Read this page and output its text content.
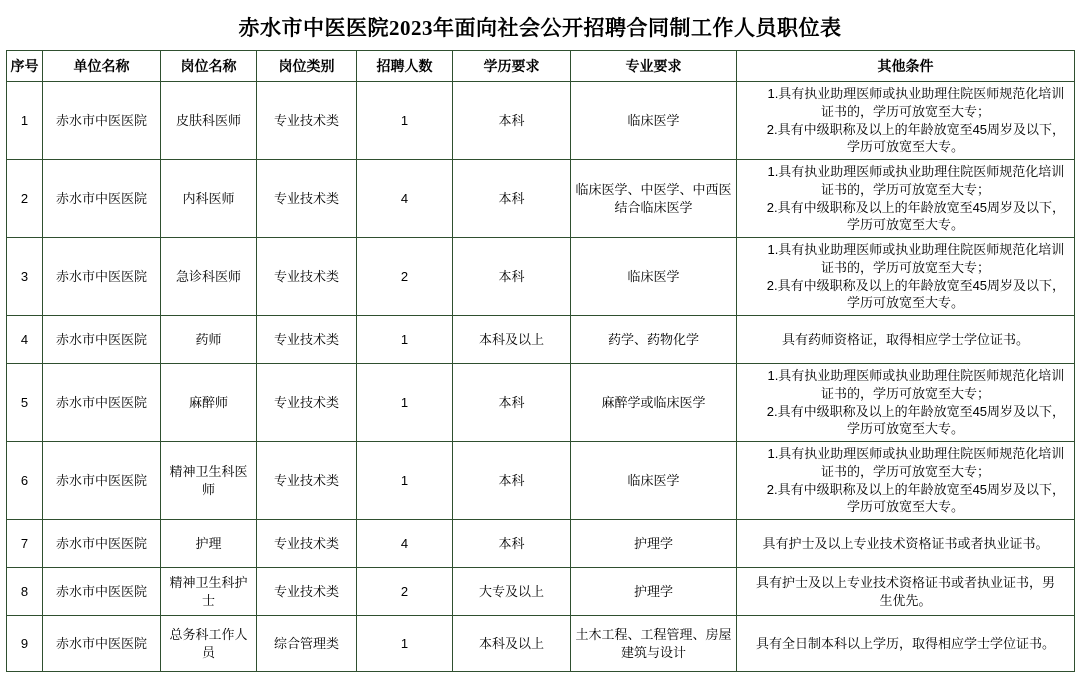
赤水市中医医院2023年面向社会公开招聘合同制工作人员职位表
序号	单位名称	岗位名称	岗位类别	招聘人数	学历要求	专业要求	其他条件
1	赤水市中医医院	皮肤科医师	专业技术类	1	本科	临床医学	1.具有执业助理医师或执业助理住院医师规范化培训
证书的，学历可放宽至大专；
2.具有中级职称及以上的年龄放宽至45周岁及以下，
学历可放宽至大专。

2	赤水市中医医院	内科医师	专业技术类	4	本科	临床医学、中医学、中西医结合临床医学	1.具有执业助理医师或执业助理住院医师规范化培训
证书的，学历可放宽至大专；
2.具有中级职称及以上的年龄放宽至45周岁及以下，
学历可放宽至大专。

3	赤水市中医医院	急诊科医师	专业技术类	2	本科	临床医学	1.具有执业助理医师或执业助理住院医师规范化培训
证书的，学历可放宽至大专；
2.具有中级职称及以上的年龄放宽至45周岁及以下，
学历可放宽至大专。

4	赤水市中医医院	药师	专业技术类	1	本科及以上	药学、药物化学	具有药师资格证，取得相应学士学位证书。
5	赤水市中医医院	麻醉师	专业技术类	1	本科	麻醉学或临床医学	1.具有执业助理医师或执业助理住院医师规范化培训
证书的，学历可放宽至大专；
2.具有中级职称及以上的年龄放宽至45周岁及以下，
学历可放宽至大专。

6	赤水市中医医院	精神卫生科医师	专业技术类	1	本科	临床医学	1.具有执业助理医师或执业助理住院医师规范化培训
证书的，学历可放宽至大专；
2.具有中级职称及以上的年龄放宽至45周岁及以下，
学历可放宽至大专。

7	赤水市中医医院	护理	专业技术类	4	本科	护理学	具有护士及以上专业技术资格证书或者执业证书。
8	赤水市中医医院	精神卫生科护士	专业技术类	2	大专及以上	护理学	具有护士及以上专业技术资格证书或者执业证书，男
生优先。

9	赤水市中医医院	总务科工作人员	综合管理类	1	本科及以上	土木工程、工程管理、房屋建筑与设计	具有全日制本科以上学历，取得相应学士学位证书。
